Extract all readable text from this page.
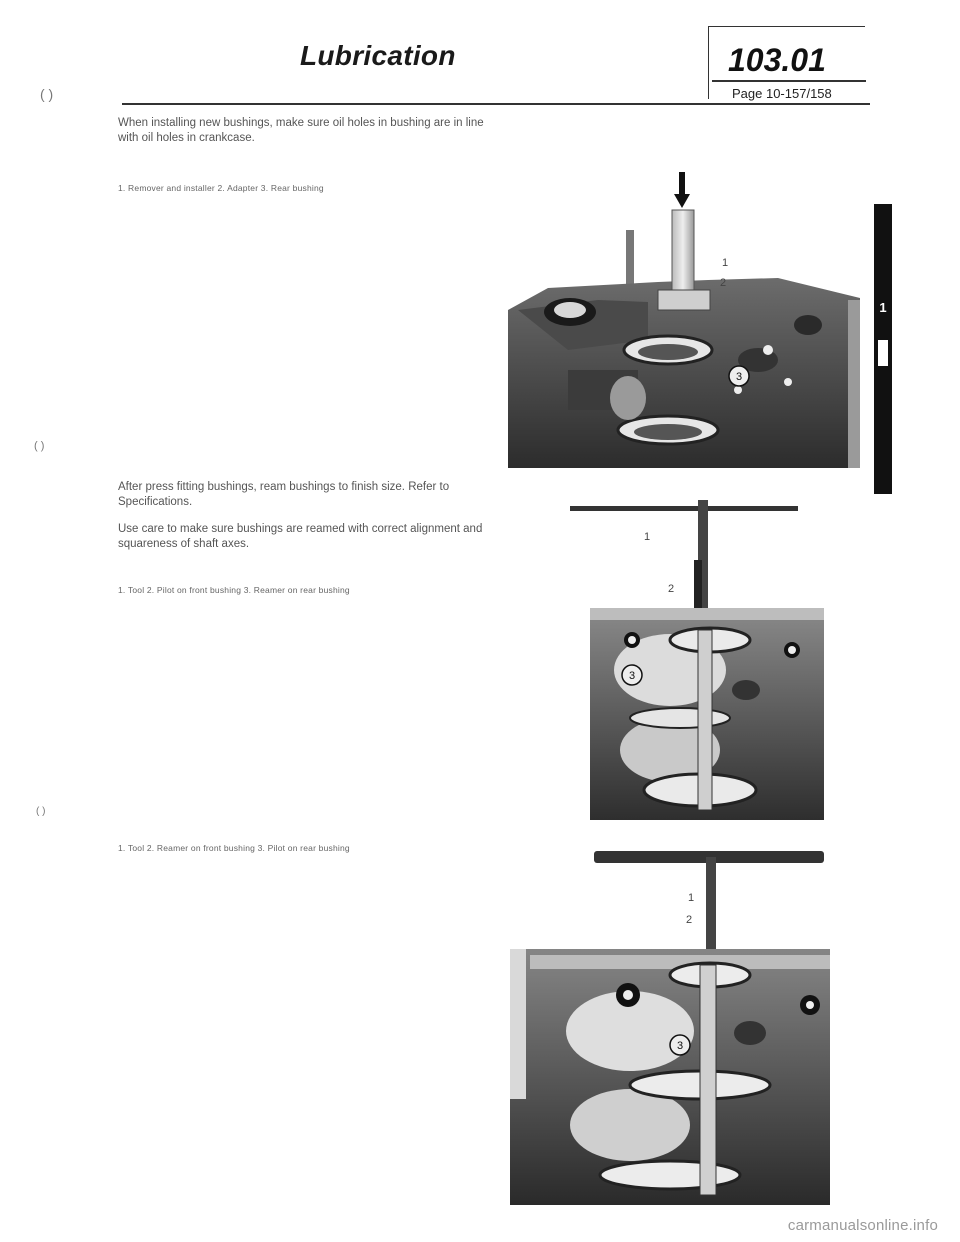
Lubrication	103.01
Page 10-157/158
( )
( )
( )
When installing new bushings, make sure oil holes in bushing are in line with oil holes in crankcase.
1. Remover and installer 2. Adapter 3. Rear bushing
3
1
2
1
After press fitting bushings, ream bushings to finish size. Refer to Specifications.
Use care to make sure bushings are reamed with correct alignment and squareness of shaft axes.
1. Tool 2. Pilot on front bushing 3. Reamer on rear bushing
3
1
2
1. Tool 2. Reamer on front bushing 3. Pilot on rear bushing
3
1
2
carmanualsonline.info
